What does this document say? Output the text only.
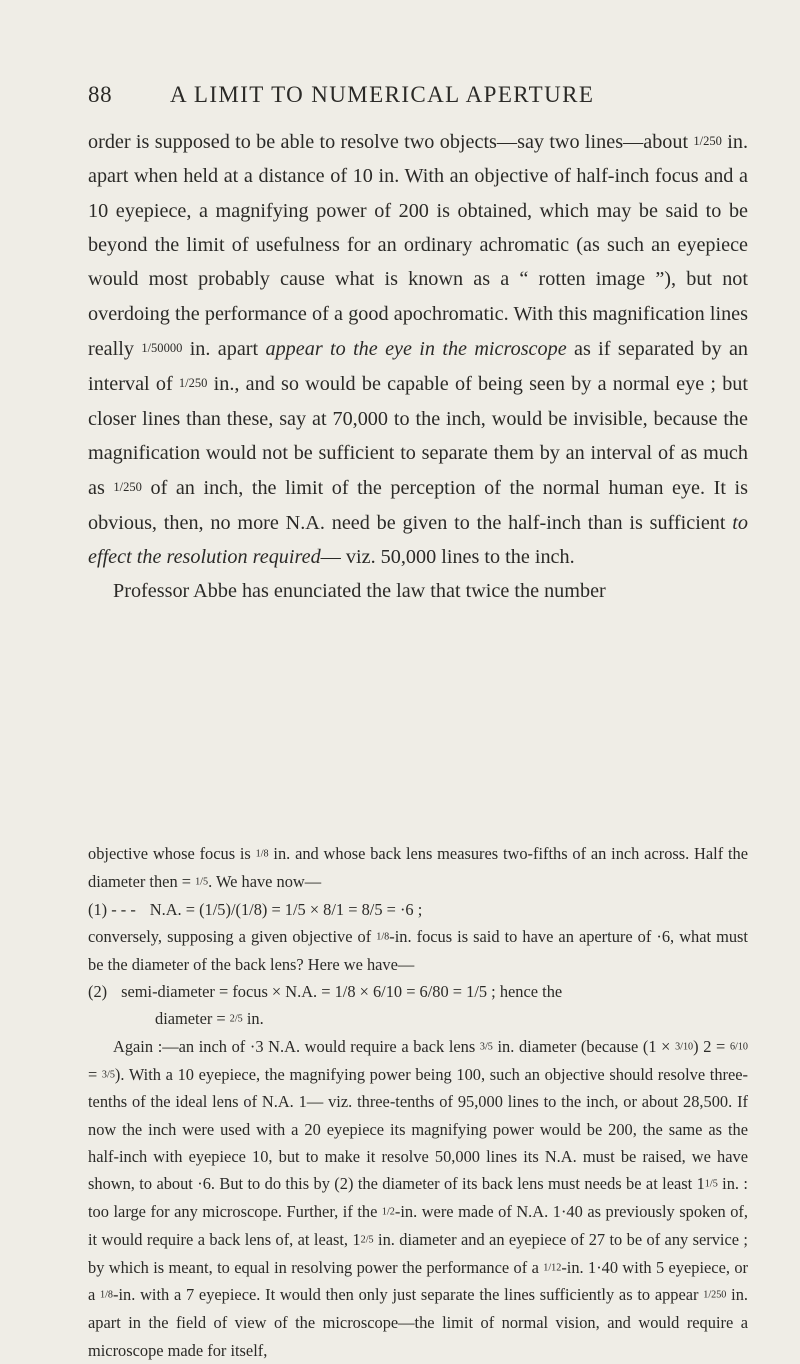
88	A LIMIT TO NUMERICAL APERTURE

order is supposed to be able to resolve two objects—say two lines—about 1/250 in. apart when held at a distance of 10 in. With an objective of half-inch focus and a 10 eyepiece, a magnifying power of 200 is obtained, which may be said to be beyond the limit of usefulness for an ordinary achromatic (as such an eyepiece would most probably cause what is known as a “ rotten image ”), but not overdoing the performance of a good apochromatic. With this magnification lines really 1/50000 in. apart appear to the eye in the microscope as if separated by an interval of 1/250 in., and so would be capable of being seen by a normal eye ; but closer lines than these, say at 70,000 to the inch, would be invisible, because the magnification would not be sufficient to separate them by an interval of as much as 1/250 of an inch, the limit of the perception of the normal human eye. It is obvious, then, no more N.A. need be given to the half-inch than is sufficient to effect the resolution required— viz. 50,000 lines to the inch.

Professor Abbe has enunciated the law that twice the number

objective whose focus is 1/8 in. and whose back lens measures two-fifths of an inch across. Half the diameter then = 1/5. We have now—

(1) - - - N.A. = (1/5)/(1/8) = 1/5 × 8/1 = 8/5 = ·6 ;

conversely, supposing a given objective of 1/8-in. focus is said to have an aperture of ·6, what must be the diameter of the back lens? Here we have—

(2) semi-diameter = focus × N.A. = 1/8 × 6/10 = 6/80 = 1/5 ; hence the
diameter = 2/5 in.

Again :—an inch of ·3 N.A. would require a back lens 3/5 in. diameter (because (1 × 3/10) 2 = 6/10 = 3/5). With a 10 eyepiece, the magnifying power being 100, such an objective should resolve three-tenths of the ideal lens of N.A. 1— viz. three-tenths of 95,000 lines to the inch, or about 28,500. If now the inch were used with a 20 eyepiece its magnifying power would be 200, the same as the half-inch with eyepiece 10, but to make it resolve 50,000 lines its N.A. must be raised, we have shown, to about ·6. But to do this by (2) the diameter of its back lens must needs be at least 11/5 in. : too large for any microscope. Further, if the 1/2-in. were made of N.A. 1·40 as previously spoken of, it would require a back lens of, at least, 12/5 in. diameter and an eyepiece of 27 to be of any service ; by which is meant, to equal in resolving power the performance of a 1/12-in. 1·40 with 5 eyepiece, or a 1/8-in. with a 7 eyepiece. It would then only just separate the lines sufficiently as to appear 1/250 in. apart in the field of view of the microscope—the limit of normal vision, and would require a microscope made for itself,
